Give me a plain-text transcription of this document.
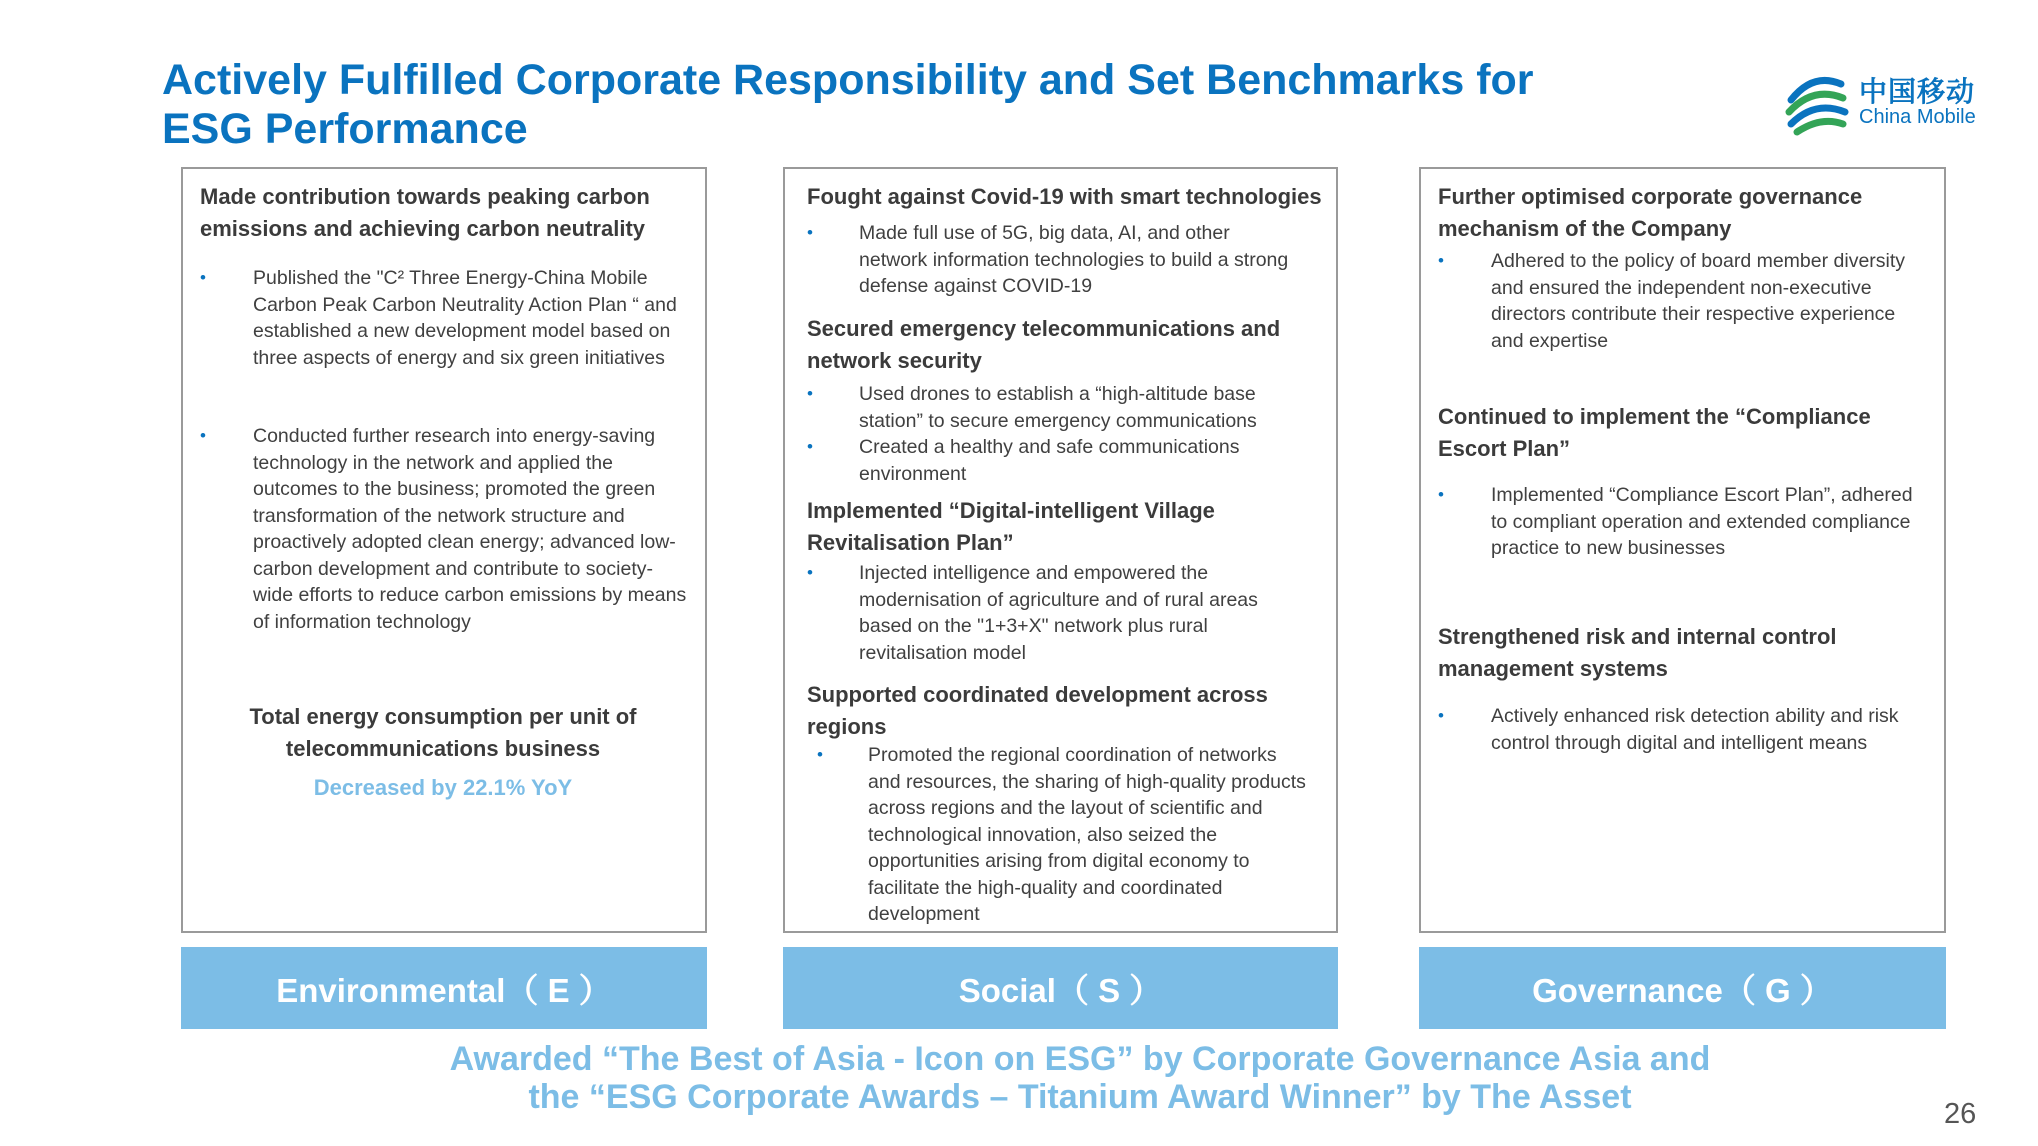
Actively Fulfilled Corporate Responsibility and Set Benchmarks for
ESG Performance
中国移动
China Mobile

Made contribution towards peaking carbon emissions and achieving carbon neutrality

• Published the "C² Three Energy-China Mobile Carbon Peak Carbon Neutrality Action Plan “ and established a new development model based on three aspects of energy and six green initiatives

• Conducted further research into energy-saving technology in the network and applied the outcomes to the business; promoted the green transformation of the network structure and proactively adopted clean energy; advanced low-carbon development and contribute to society-wide efforts to reduce carbon emissions by means of information technology

Total energy consumption per unit of telecommunications business

Decreased by 22.1% YoY

Fought against Covid-19 with smart technologies

• Made full use of 5G, big data, AI, and other network information technologies to build a strong defense against COVID-19

Secured emergency telecommunications and network security

• Used drones to establish a “high-altitude base station” to secure emergency communications

• Created a healthy and safe communications environment

Implemented “Digital-intelligent Village Revitalisation Plan”

• Injected intelligence and empowered the modernisation of agriculture and of rural areas based on the "1+3+X" network plus rural revitalisation model

Supported coordinated development across regions

• Promoted the regional coordination of networks and resources, the sharing of high-quality products across regions and the layout of scientific and technological innovation, also seized the opportunities arising from digital economy to facilitate the high-quality and coordinated development

Further optimised corporate governance mechanism of the Company

• Adhered to the policy of board member diversity and ensured the independent non-executive directors contribute their respective experience and expertise

Continued to implement the “Compliance Escort Plan”

• Implemented “Compliance Escort Plan”, adhered to compliant operation and extended compliance practice to new businesses

Strengthened risk and internal control management systems

• Actively enhanced risk detection ability and risk control through digital and intelligent means

Environmental（ E ）	Social（ S ）	Governance（ G ）
Awarded “The Best of Asia - Icon on ESG” by Corporate Governance Asia and
the “ESG Corporate Awards – Titanium Award Winner” by The Asset	26
